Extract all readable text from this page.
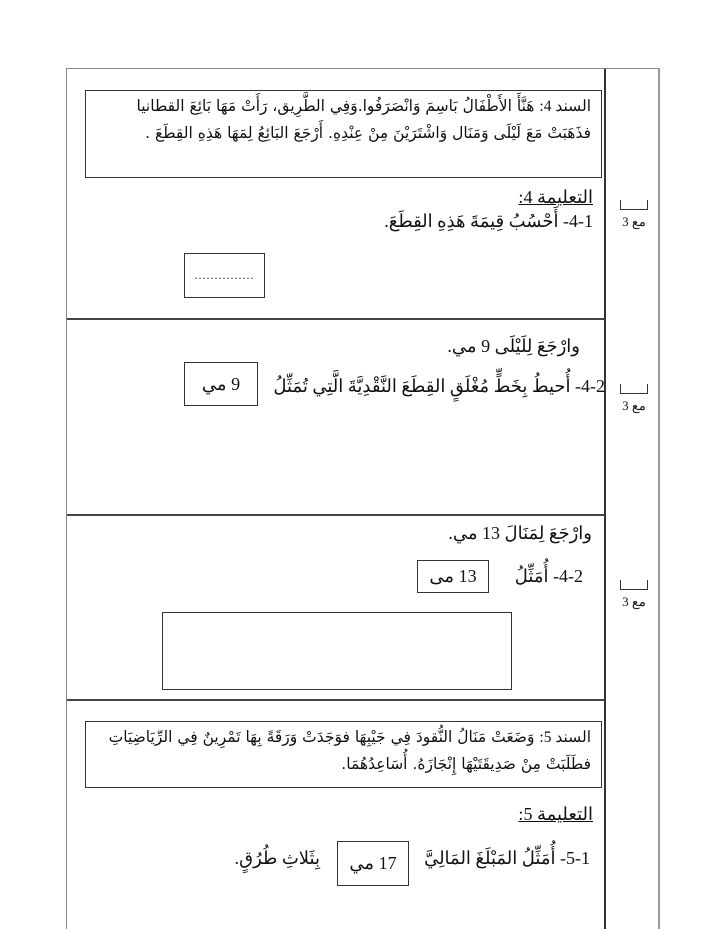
السند 4: هَنَّأَ الأَطْفَالُ بَاسِمَ وَانْصَرَفُوا.وَفِي الطَّرِيق، رَأَتْ مَهَا بَائِعَ القطانيا فذَهَبَتْ مَعَ لَيْلَى وَمَنَال وَاشْتَرَيْنَ مِنْ عِنْدِهِ. أَرْجَعَ البَائِعُ لِمَهَا هَذِهِ القِطَعَ .
التعليمة 4:
4-1- أَحْسُبُ قِيمَةَ هَذِهِ القِطَعَ.
...............
وارْجَعَ لِلَيْلَى 9 مي.
4-2- أُحيطُ بِخَطٍّ مُغْلَقٍ القِطَعَ النَّقْدِيَّةَ الَّتِي تُمَثِّلُ
9 مي
وارْجَعَ لِمَنَالَ 13 مي.
4-2- أُمَثِّلُ
13 مى
السند 5: وَضَعَتْ مَنَالُ النُّقودَ فِي جَيْبِهَا فوَجَدَتْ وَرَقَةً بِهَا تَمْرِينٌ فِي الرِّيَاضِيَاتِ فطَلَبَتْ مِنْ صَدِيقَتَيْهَا إِنْجَازَهُ. أُسَاعِدُهُمَا.
التعليمة 5:
5-1- أُمَثِّلُ المَبْلَغَ المَالِيَّ
17 مي
بِثَلاثِ طُرُقٍ.
مع 3
مع 3
مع 3
